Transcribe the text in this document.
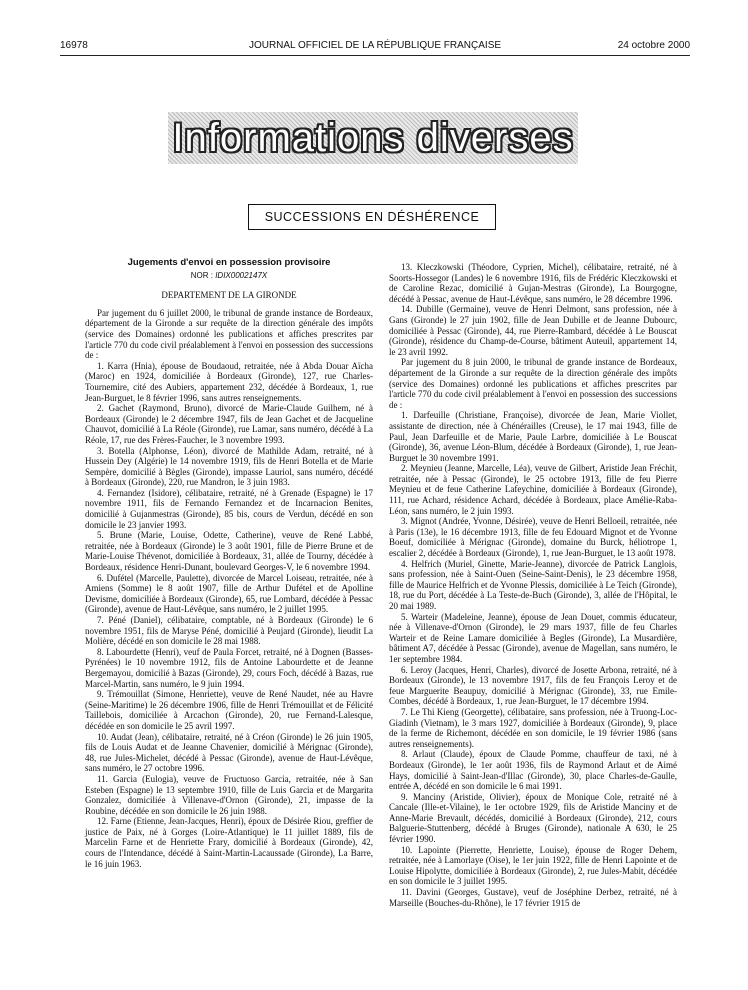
16978	JOURNAL OFFICIEL DE LA RÉPUBLIQUE FRANÇAISE	24 octobre 2000
Informations diverses
SUCCESSIONS EN DÉSHÉRENCE
Jugements d'envoi en possession provisoire
NOR : IDIX0002147X
DEPARTEMENT DE LA GIRONDE

Par jugement du 6 juillet 2000, le tribunal de grande instance de Bordeaux, département de la Gironde a sur requête de la direction générale des impôts (service des Domaines) ordonné les publications et affiches prescrites par l'article 770 du code civil préalablement à l'envoi en possession des successions de :

1. Karra (Hnia), épouse de Boudaoud, retraitée, née à Abda Douar Aïcha (Maroc) en 1924, domiciliée à Bordeaux (Gironde), 127, rue Charles-Tournemire, cité des Aubiers, appartement 232, décédée à Bordeaux, 1, rue Jean-Burguet, le 8 février 1996, sans autres renseignements.

2. Gachet (Raymond, Bruno), divorcé de Marie-Claude Guilhem, né à Bordeaux (Gironde) le 2 décembre 1947, fils de Jean Gachet et de Jacqueline Chauvot, domicilié à La Réole (Gironde), rue Lamar, sans numéro, décédé à La Réole, 17, rue des Frères-Faucher, le 3 novembre 1993.

3. Botella (Alphonse, Léon), divorcé de Mathilde Adam, retraité, né à Hussein Dey (Algérie) le 14 novembre 1919, fils de Henri Botella et de Marie Sempère, domicilié à Bègles (Gironde), impasse Lauriol, sans numéro, décédé à Bordeaux (Gironde), 220, rue Mandron, le 3 juin 1983.

4. Fernandez (Isidore), célibataire, retraité, né à Grenade (Espagne) le 17 novembre 1911, fils de Fernando Fernandez et de Incarnacion Benites, domicilié à Gujanmestras (Gironde), 85 bis, cours de Verdun, décédé en son domicile le 23 janvier 1993.

5. Brune (Marie, Louise, Odette, Catherine), veuve de René Labbé, retraitée, née à Bordeaux (Gironde) le 3 août 1901, fille de Pierre Brune et de Marie-Louise Thévenot, domiciliée à Bordeaux, 31, allée de Tourny, décédée à Bordeaux, résidence Henri-Dunant, boulevard Georges-V, le 6 novembre 1994.

6. Dufétel (Marcelle, Paulette), divorcée de Marcel Loiseau, retraitée, née à Amiens (Somme) le 8 août 1907, fille de Arthur Dufétel et de Apolline Devisme, domiciliée à Bordeaux (Gironde), 65, rue Lombard, décédée à Pessac (Gironde), avenue de Haut-Lévêque, sans numéro, le 2 juillet 1995.

7. Péné (Daniel), célibataire, comptable, né à Bordeaux (Gironde) le 6 novembre 1951, fils de Maryse Péné, domicilié à Peujard (Gironde), lieudit La Molière, décédé en son domicile le 28 mai 1988.

8. Labourdette (Henri), veuf de Paula Forcet, retraité, né à Dognen (Basses-Pyrénées) le 10 novembre 1912, fils de Antoine Labourdette et de Jeanne Bergemayou, domicilié à Bazas (Gironde), 29, cours Foch, décédé à Bazas, rue Marcel-Martin, sans numéro, le 9 juin 1994.

9. Trémouillat (Simone, Henriette), veuve de René Naudet, née au Havre (Seine-Maritime) le 26 décembre 1906, fille de Henri Trémouillat et de Félicité Taillebois, domiciliée à Arcachon (Gironde), 20, rue Fernand-Lalesque, décédée en son domicile le 25 avril 1997.

10. Audat (Jean), célibataire, retraité, né à Créon (Gironde) le 26 juin 1905, fils de Louis Audat et de Jeanne Chavenier, domicilié à Mérignac (Gironde), 48, rue Jules-Michelet, décédé à Pessac (Gironde), avenue de Haut-Lévêque, sans numéro, le 27 octobre 1996.

11. Garcia (Eulogia), veuve de Fructuoso Garcia, retraitée, née à San Esteben (Espagne) le 13 septembre 1910, fille de Luis Garcia et de Margarita Gonzalez, domiciliée à Villenave-d'Ornon (Gironde), 21, impasse de la Roubine, décédée en son domicile le 26 juin 1988.

12. Farne (Etienne, Jean-Jacques, Henri), époux de Désirée Riou, greffier de justice de Paix, né à Gorges (Loire-Atlantique) le 11 juillet 1889, fils de Marcelin Farne et de Henriette Frary, domicilié à Bordeaux (Gironde), 42, cours de l'Intendance, décédé à Saint-Martin-Lacaussade (Gironde), La Barre, le 16 juin 1963.

13. Kleczkowski (Théodore, Cyprien, Michel), célibataire, retraité, né à Soorts-Hossegor (Landes) le 6 novembre 1916, fils de Frédéric Kleczkowski et de Caroline Rezac, domicilié à Gujan-Mestras (Gironde), La Bourgogne, décédé à Pessac, avenue de Haut-Lévêque, sans numéro, le 28 décembre 1996.

14. Dubille (Germaine), veuve de Henri Delmont, sans profession, née à Gans (Gironde) le 27 juin 1902, fille de Jean Dubille et de Jeanne Dubourc, domiciliée à Pessac (Gironde), 44, rue Pierre-Rambard, décédée à Le Bouscat (Gironde), résidence du Champ-de-Course, bâtiment Auteuil, appartement 14, le 23 avril 1992.

Par jugement du 8 juin 2000, le tribunal de grande instance de Bordeaux, département de la Gironde a sur requête de la direction générale des impôts (service des Domaines) ordonné les publications et affiches prescrites par l'article 770 du code civil préalablement à l'envoi en possession des successions de :

1. Darfeuille (Christiane, Françoise), divorcée de Jean, Marie Viollet, assistante de direction, née à Chénérailles (Creuse), le 17 mai 1943, fille de Paul, Jean Darfeuille et de Marie, Paule Larbre, domiciliée à Le Bouscat (Gironde), 36, avenue Léon-Blum, décédée à Bordeaux (Gironde), 1, rue Jean-Burguet le 30 novembre 1991.

2. Meynieu (Jeanne, Marcelle, Léa), veuve de Gilbert, Aristide Jean Fréchit, retraitée, née à Pessac (Gironde), le 25 octobre 1913, fille de feu Pierre Meynieu et de feue Catherine Lafeychine, domiciliée à Bordeaux (Gironde), 111, rue Achard, résidence Achard, décédée à Bordeaux, place Amélie-Raba-Léon, sans numéro, le 2 juin 1993.

3. Mignot (Andrée, Yvonne, Désirée), veuve de Henri Belloeil, retraitée, née à Paris (13e), le 16 décembre 1913, fille de feu Edouard Mignot et de Yvonne Boeuf, domiciliée à Mérignac (Gironde), domaine du Burck, héliotrope 1, escalier 2, décédée à Bordeaux (Gironde), 1, rue Jean-Burguet, le 13 août 1978.

4. Helfrich (Muriel, Ginette, Marie-Jeanne), divorcée de Patrick Langlois, sans profession, née à Saint-Ouen (Seine-Saint-Denis), le 23 décembre 1958, fille de Maurice Helfrich et de Yvonne Plessis, domiciliée à Le Teich (Gironde), 18, rue du Port, décédée à La Teste-de-Buch (Gironde), 3, allée de l'Hôpital, le 20 mai 1989.

5. Warteir (Madeleine, Jeanne), épouse de Jean Douet, commis éducateur, née à Villenave-d'Ornon (Gironde), le 29 mars 1937, fille de feu Charles Warteir et de Reine Lamare domiciliée à Begles (Gironde), La Musardière, bâtiment A7, décédée à Pessac (Gironde), avenue de Magellan, sans numéro, le 1er septembre 1984.

6. Leroy (Jacques, Henri, Charles), divorcé de Josette Arbona, retraité, né à Bordeaux (Gironde), le 13 novembre 1917, fils de feu François Leroy et de feue Marguerite Beaupuy, domicilié à Mérignac (Gironde), 33, rue Emile-Combes, décédé à Bordeaux, 1, rue Jean-Burguet, le 17 décembre 1994.

7. Le Thi Kieng (Georgette), célibataire, sans profession, née à Truong-Loc-Giadinh (Vietnam), le 3 mars 1927, domiciliée à Bordeaux (Gironde), 9, place de la ferme de Richemont, décédée en son domicile, le 19 février 1986 (sans autres renseignements).

8. Arlaut (Claude), époux de Claude Pomme, chauffeur de taxi, né à Bordeaux (Gironde), le 1er août 1936, fils de Raymond Arlaut et de Aimé Hays, domicilié à Saint-Jean-d'Illac (Gironde), 30, place Charles-de-Gaulle, entrée A, décédé en son domicile le 6 mai 1991.

9. Manciny (Aristide, Olivier), époux de Monique Cole, retraité né à Cancale (Ille-et-Vilaine), le 1er octobre 1929, fils de Aristide Manciny et de Anne-Marie Brevault, décédés, domicilié à Bordeaux (Gironde), 212, cours Balguerie-Stuttenberg, décédé à Bruges (Gironde), nationale A 630, le 25 février 1990.

10. Lapointe (Pierrette, Henriette, Louise), épouse de Roger Dehem, retraitée, née à Lamorlaye (Oise), le 1er juin 1922, fille de Henri Lapointe et de Louise Hipolytte, domiciliée à Bordeaux (Gironde), 2, rue Jules-Mabit, décédée en son domicile le 3 juillet 1995.

11. Davini (Georges, Gustave), veuf de Joséphine Derbez, retraité, né à Marseille (Bouches-du-Rhône), le 17 février 1915 de
